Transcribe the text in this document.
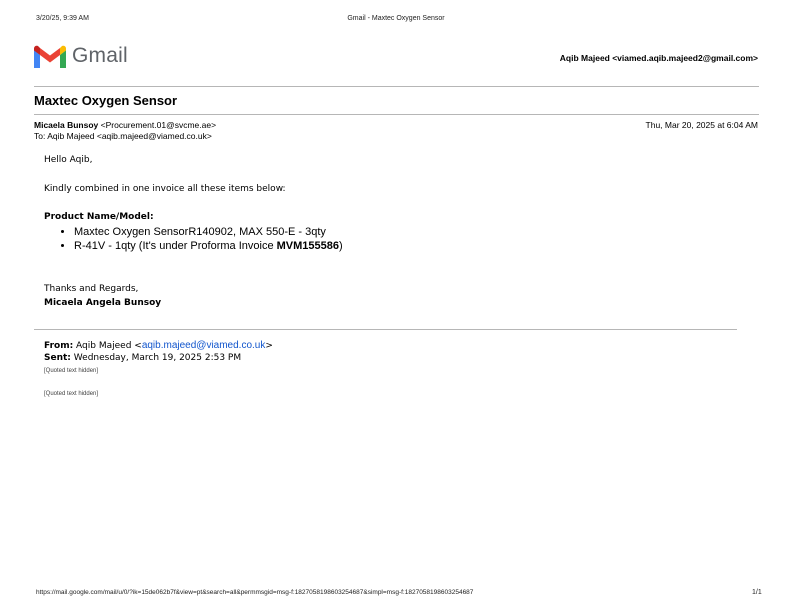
3/20/25, 9:39 AM	Gmail - Maxtec Oxygen Sensor
Gmail	Aqib Majeed <viamed.aqib.majeed2@gmail.com>
Maxtec Oxygen Sensor
Micaela Bunsoy <Procurement.01@svcme.ae>	Thu, Mar 20, 2025 at 6:04 AM
To: Aqib Majeed <aqib.majeed@viamed.co.uk>
Hello Aqib,
Kindly combined in one invoice all these items below:
Product Name/Model:
• Maxtec Oxygen SensorR140902, MAX 550-E - 3qty
• R-41V - 1qty (It's under Proforma Invoice MVM155586)
Thanks and Regards,
Micaela Angela Bunsoy
From: Aqib Majeed <aqib.majeed@viamed.co.uk>
Sent: Wednesday, March 19, 2025 2:53 PM
[Quoted text hidden]
[Quoted text hidden]
https://mail.google.com/mail/u/0/?ik=15de062b7f&view=pt&search=all&permmsgid=msg-f:1827058198603254687&simpl=msg-f:1827058198603254687	1/1
